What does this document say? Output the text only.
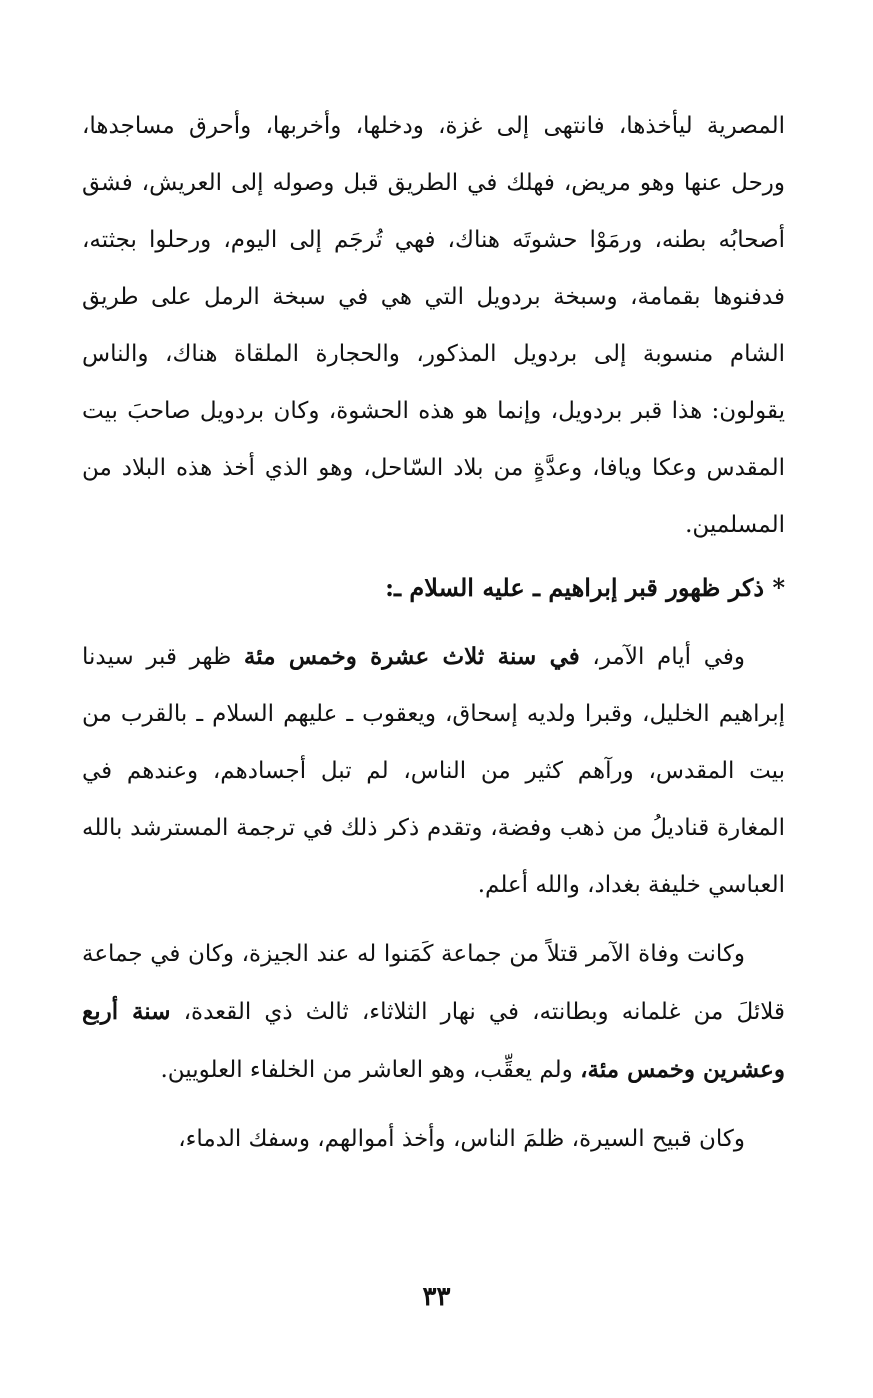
المصرية ليأخذها، فانتهى إلى غزة، ودخلها، وأخربها، وأحرق مساجدها، ورحل عنها وهو مريض، فهلك في الطريق قبل وصوله إلى العريش، فشق أصحابُه بطنه، ورمَوْا حشوتَه هناك، فهي تُرجَم إلى اليوم، ورحلوا بجثته، فدفنوها بقمامة، وسبخة بردويل التي هي في سبخة الرمل على طريق الشام منسوبة إلى بردويل المذكور، والحجارة الملقاة هناك، والناس يقولون: هذا قبر بردويل، وإنما هو هذه الحشوة، وكان بردويل صاحبَ بيت المقدس وعكا ويافا، وعدَّةٍ من بلاد السّاحل، وهو الذي أخذ هذه البلاد من المسلمين.

* ذكر ظهور قبر إبراهيم ـ عليه السلام ـ:

وفي أيام الآمر، في سنة ثلاث عشرة وخمس مئة ظهر قبر سيدنا إبراهيم الخليل، وقبرا ولديه إسحاق، ويعقوب ـ عليهم السلام ـ بالقرب من بيت المقدس، ورآهم كثير من الناس، لم تبل أجسادهم، وعندهم في المغارة قناديلُ من ذهب وفضة، وتقدم ذكر ذلك في ترجمة المسترشد بالله العباسي خليفة بغداد، والله أعلم.

وكانت وفاة الآمر قتلاً من جماعة كَمَنوا له عند الجيزة، وكان في جماعة قلائلَ من غلمانه وبطانته، في نهار الثلاثاء، ثالث ذي القعدة، سنة أربع وعشرين وخمس مئة، ولم يعقِّب، وهو العاشر من الخلفاء العلويين.

وكان قبيح السيرة، ظلمَ الناس، وأخذ أموالهم، وسفك الدماء،

٣٣
